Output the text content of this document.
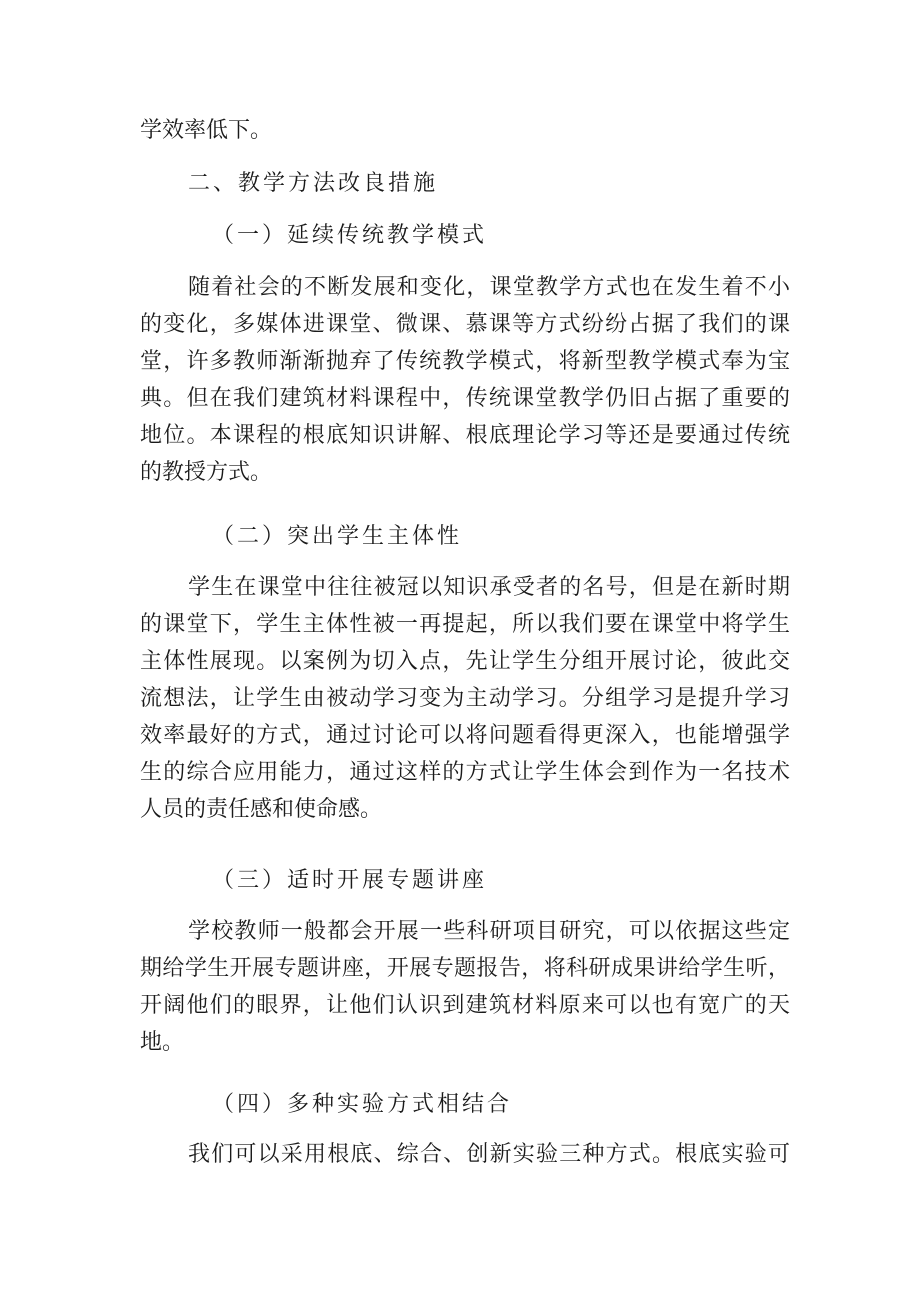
学效率低下。
二、教学方法改良措施
（一）延续传统教学模式
随着社会的不断发展和变化，课堂教学方式也在发生着不小
的变化，多媒体进课堂、微课、慕课等方式纷纷占据了我们的课
堂，许多教师渐渐抛弃了传统教学模式，将新型教学模式奉为宝
典。但在我们建筑材料课程中，传统课堂教学仍旧占据了重要的
地位。本课程的根底知识讲解、根底理论学习等还是要通过传统
的教授方式。
（二）突出学生主体性
学生在课堂中往往被冠以知识承受者的名号，但是在新时期
的课堂下，学生主体性被一再提起，所以我们要在课堂中将学生
主体性展现。以案例为切入点，先让学生分组开展讨论，彼此交
流想法，让学生由被动学习变为主动学习。分组学习是提升学习
效率最好的方式，通过讨论可以将问题看得更深入，也能增强学
生的综合应用能力，通过这样的方式让学生体会到作为一名技术
人员的责任感和使命感。
（三）适时开展专题讲座
学校教师一般都会开展一些科研项目研究，可以依据这些定
期给学生开展专题讲座，开展专题报告，将科研成果讲给学生听，
开阔他们的眼界，让他们认识到建筑材料原来可以也有宽广的天
地。
（四）多种实验方式相结合
我们可以采用根底、综合、创新实验三种方式。根底实验可
